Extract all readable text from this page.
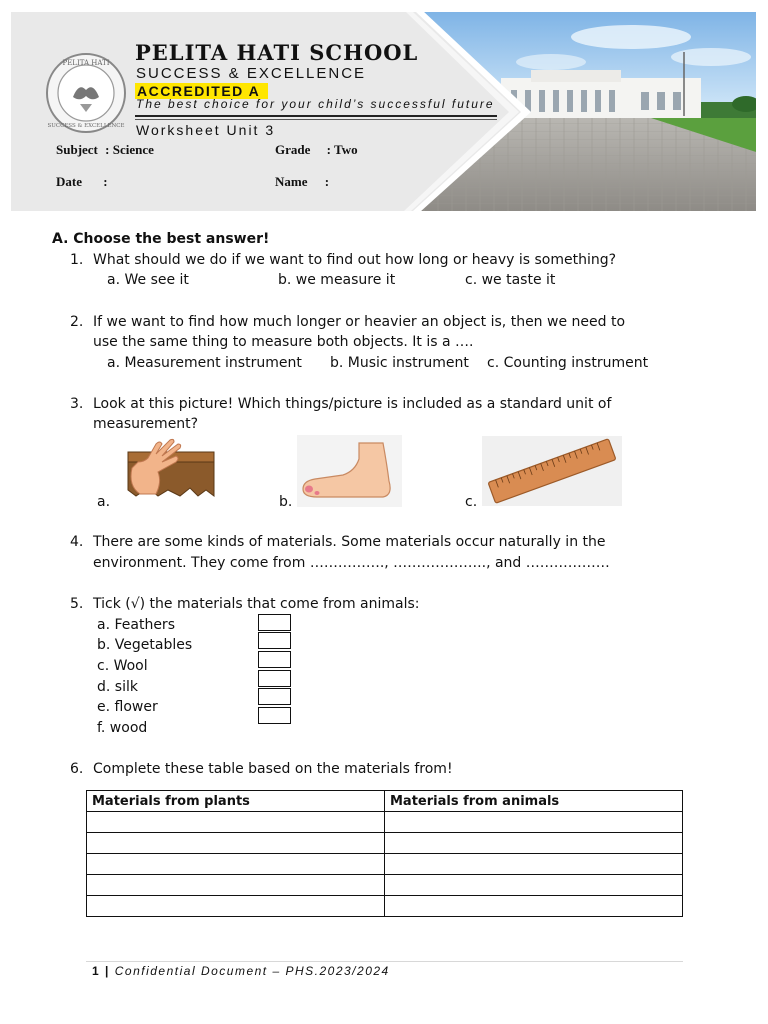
PELITA HATI
SUCCESS & EXCELLENCE
PELITA HATI SCHOOL
SUCCESS & EXCELLENCE
ACCREDITED A
The best choice for your child’s successful future
Worksheet Unit 3
Subject : Science	Grade : Two
Date :	Name :
A. Choose the best answer!
1. What should we do if we want to find out how long or heavy is something?
a. We see it	b. we measure it	c. we taste it
2. If we want to find how much longer or heavier an object is, then we need to
use the same thing to measure both objects. It is a ….
a. Measurement instrument b. Music instrument c. Counting instrument
3. Look at this picture! Which things/picture is included as a standard unit of
measurement?
a.	b.	c.
4. There are some kinds of materials. Some materials occur naturally in the
environment. They come from ……………., ……………….., and ………………
5. Tick (√) the materials that come from animals:
a. Feathers
b. Vegetables
c. Wool
d. silk
e. flower
f. wood
6. Complete these table based on the materials from!
Materials from plants	Materials from animals

1 | Confidential Document – PHS.2023/2024
